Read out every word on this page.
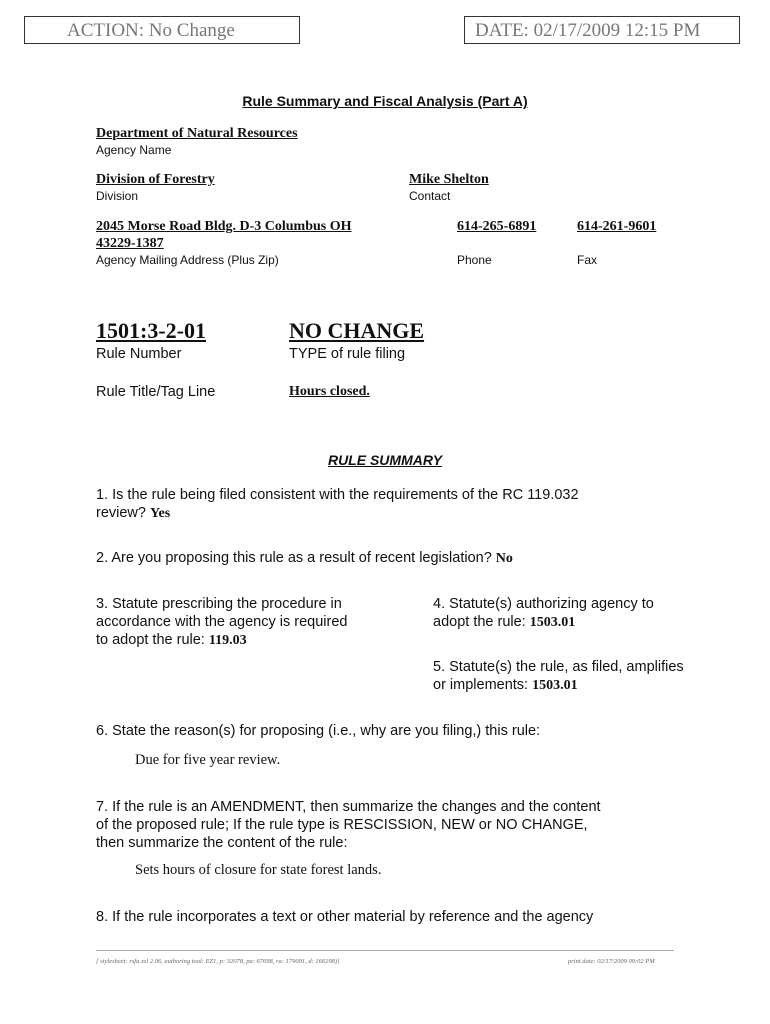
ACTION: No Change	DATE: 02/17/2009 12:15 PM
Rule Summary and Fiscal Analysis (Part A)
Department of Natural Resources
Agency Name
Division of Forestry
Division
Mike Shelton
Contact
2045 Morse Road Bldg. D-3 Columbus OH
43229-1387
Agency Mailing Address (Plus Zip)
614-265-6891
Phone
614-261-9601
Fax
1501:3-2-01
Rule Number
NO CHANGE
TYPE of rule filing
Rule Title/Tag Line	Hours closed.
RULE SUMMARY
1. Is the rule being filed consistent with the requirements of the RC 119.032
review? Yes
2. Are you proposing this rule as a result of recent legislation? No
3. Statute prescribing the procedure in
accordance with the agency is required
to adopt the rule: 119.03
4. Statute(s) authorizing agency to
adopt the rule: 1503.01
5. Statute(s) the rule, as filed, amplifies
or implements: 1503.01
6. State the reason(s) for proposing (i.e., why are you filing,) this rule:
Due for five year review.
7. If the rule is an AMENDMENT, then summarize the changes and the content
of the proposed rule; If the rule type is RESCISSION, NEW or NO CHANGE,
then summarize the content of the rule:
Sets hours of closure for state forest lands.
8. If the rule incorporates a text or other material by reference and the agency
[ stylesheet: rsfa.xsl 2.06, authoring tool: EZ1, p: 32078, pa: 67698, ra: 179091, d: 166298)]	print date: 02/17/2009 09:02 PM
